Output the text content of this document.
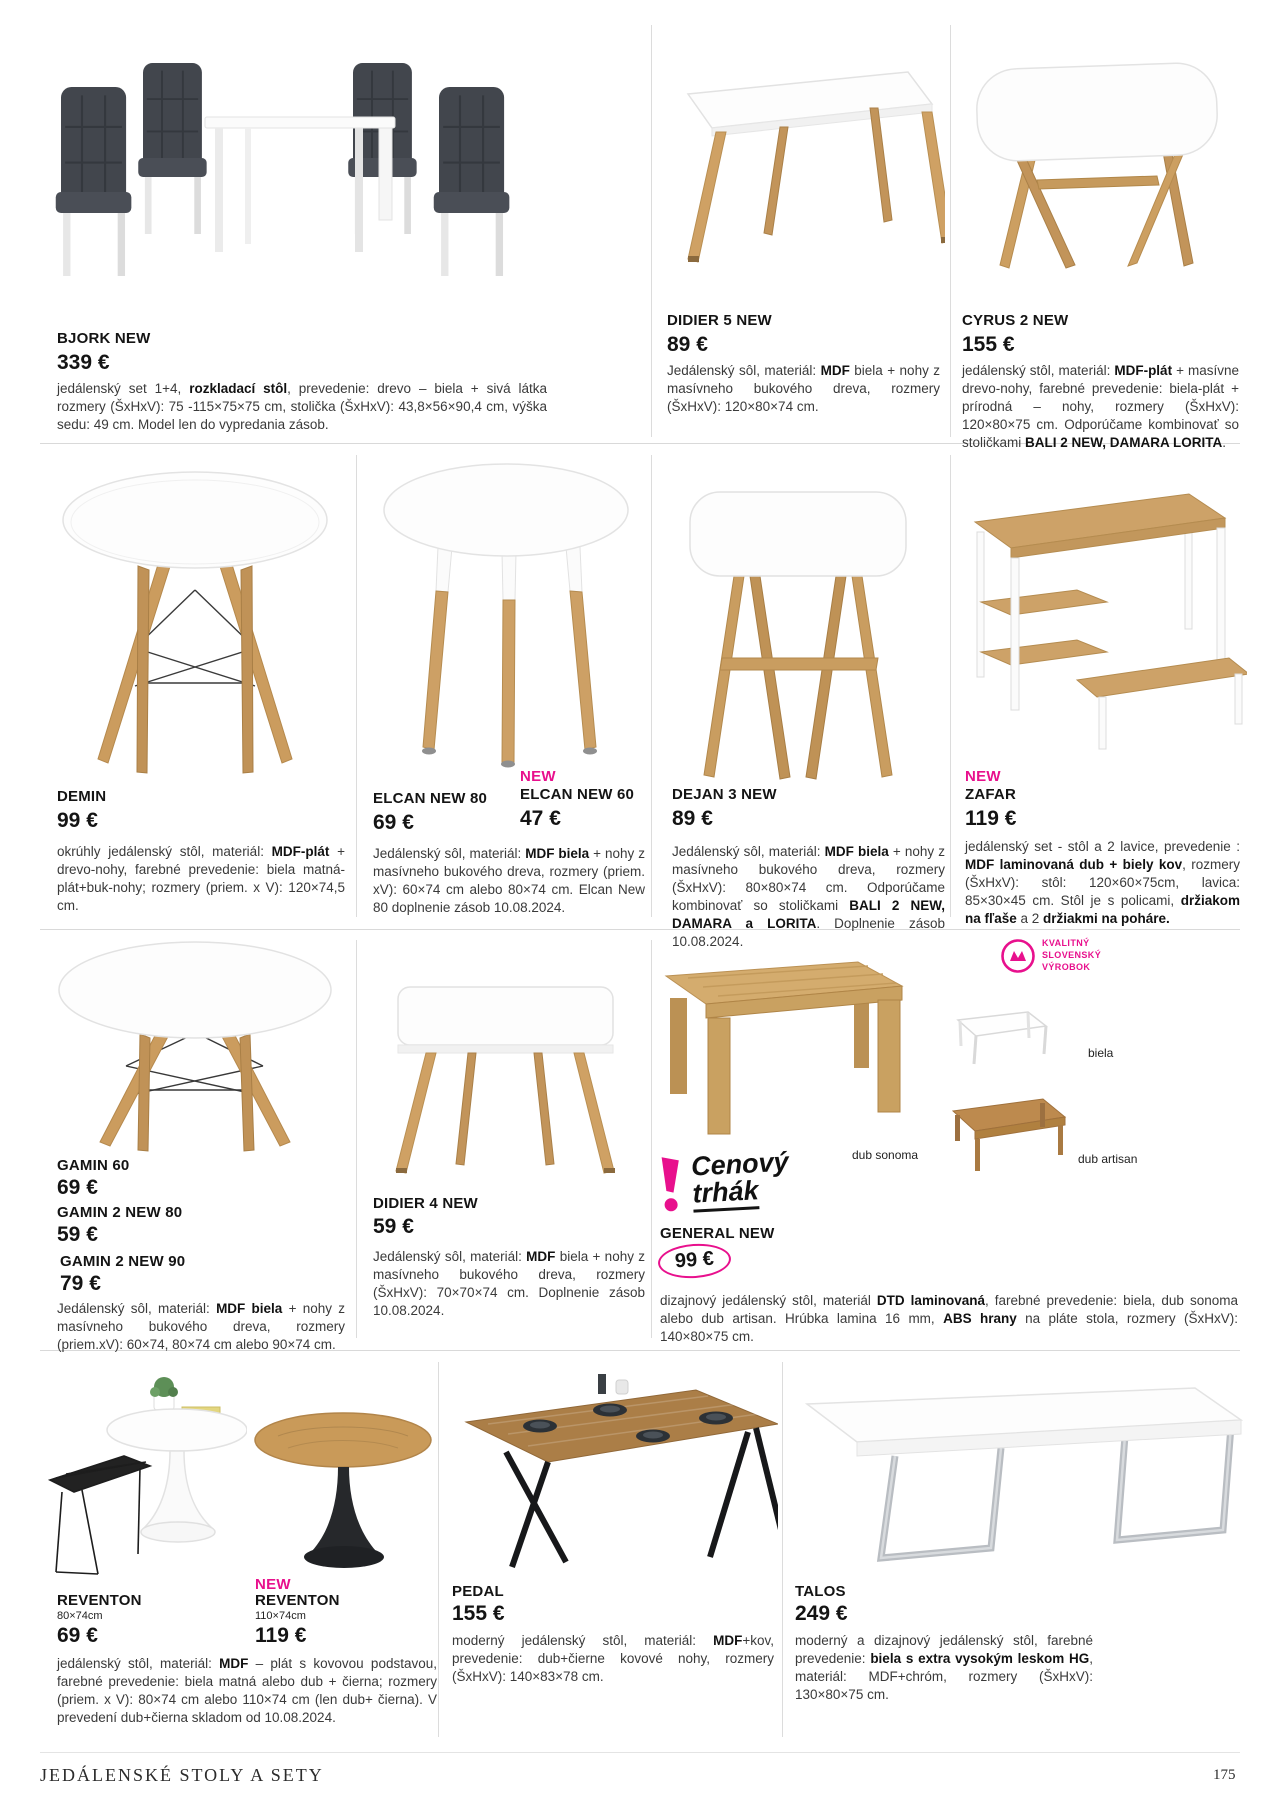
BJORK NEW
339 €

jedálenský set 1+4, rozkladací stôl, prevedenie: drevo – biela + sivá látka rozmery (ŠxHxV): 75 -115×75×75 cm, stolička (ŠxHxV): 43,8×56×90,4 cm, výška sedu: 49 cm. Model len do vypredania zásob.

DIDIER 5 NEW
89 €

Jedálenský sôl, materiál: MDF biela + nohy z masívneho bukového dreva, rozmery (ŠxHxV): 120×80×74 cm.

CYRUS 2 NEW
155 €

jedálenský stôl, materiál: MDF-plát + masívne drevo-nohy, farebné prevedenie: biela-plát + prírodná – nohy, rozmery (ŠxHxV): 120×80×75 cm. Odporúčame kombinovať so stoličkami BALI 2 NEW, DAMARA LORITA.

DEMIN
99 €

okrúhly jedálenský stôl, materiál: MDF-plát + drevo-nohy, farebné prevedenie: biela matná-plát+buk-nohy; rozmery (priem. x V): 120×74,5 cm.

ELCAN NEW 80
69 €
NEW
ELCAN NEW 60
47 €

Jedálenský sôl, materiál: MDF biela + nohy z masívneho bukového dreva, rozmery (priem. xV): 60×74 cm alebo 80×74 cm. Elcan New 80 doplnenie zásob 10.08.2024.

DEJAN 3 NEW
89 €

Jedálenský sôl, materiál: MDF biela + nohy z masívneho bukového dreva, rozmery (ŠxHxV): 80×80×74 cm. Odporúčame kombinovať so stoličkami BALI 2 NEW, DAMARA a LORITA. Doplnenie zásob 10.08.2024.

NEW
ZAFAR
119 €

jedálenský set - stôl a 2 lavice, prevedenie : MDF laminovaná dub + biely kov, rozmery (ŠxHxV): stôl: 120×60×75cm, lavica: 85×30×45 cm. Stôl je s policami, držiakom na fľaše a 2 držiakmi na poháre.

GAMIN 60
69 €
GAMIN 2 NEW 80
59 €
GAMIN 2 NEW 90
79 €

Jedálenský sôl, materiál: MDF biela + nohy z masívneho bukového dreva, rozmery (priem.xV): 60×74, 80×74 cm alebo 90×74 cm.

DIDIER 4 NEW
59 €

Jedálenský sôl, materiál: MDF biela + nohy z masívneho bukového dreva, rozmery (ŠxHxV): 70×70×74 cm. Doplnenie zásob 10.08.2024.

dub sonoma
KVALITNÝ
SLOVENSKÝ
VÝROBOK
biela
dub artisan
Cenový
trhák
GENERAL NEW
99 €

dizajnový jedálenský stôl, materiál DTD laminovaná, farebné prevedenie: biela, dub sonoma alebo dub artisan. Hrúbka lamina 16 mm, ABS hrany na pláte stola, rozmery (ŠxHxV): 140×80×75 cm.

REVENTON
80×74cm
69 €
NEW
REVENTON
110×74cm
119 €

jedálenský stôl, materiál: MDF – plát s kovovou podstavou, farebné prevedenie: biela matná alebo dub + čierna; rozmery (priem. x V): 80×74 cm alebo 110×74 cm (len dub+ čierna). V prevedení dub+čierna skladom od 10.08.2024.

PEDAL
155 €

moderný jedálenský stôl, materiál: MDF+kov, prevedenie: dub+čierne kovové nohy, rozmery (ŠxHxV): 140×83×78 cm.

TALOS
249 €

moderný a dizajnový jedálenský stôl, farebné prevedenie: biela s extra vysokým leskom HG, materiál: MDF+chróm, rozmery (ŠxHxV): 130×80×75 cm.

JEDÁLENSKÉ STOLY A SETY	175
